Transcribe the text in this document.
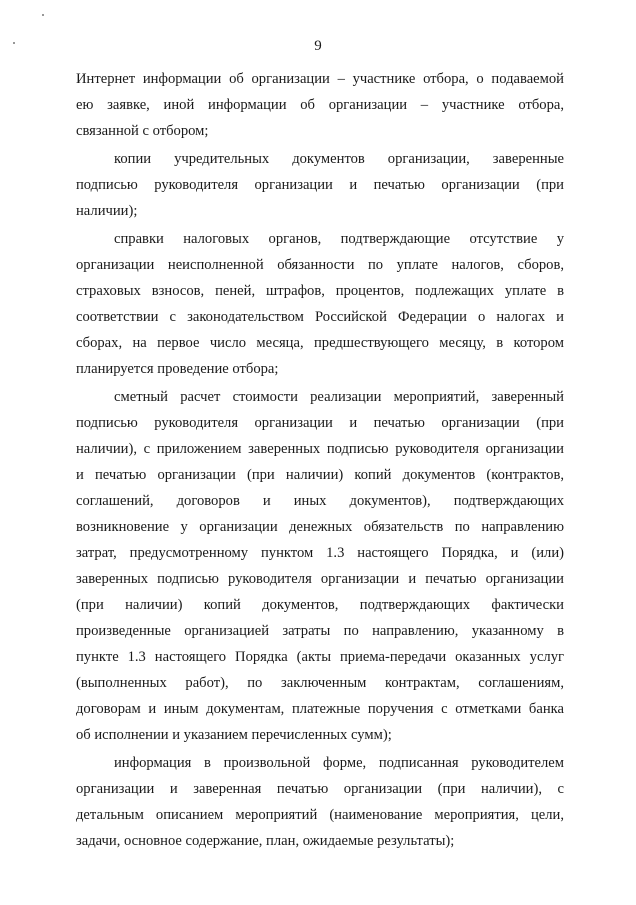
9

Интернет информации об организации – участнике отбора, о подаваемой
ею заявке, иной информации об организации – участнике отбора,
связанной с отбором;

копии учредительных документов организации, заверенные
подписью руководителя организации и печатью организации (при
наличии);

справки налоговых органов, подтверждающие отсутствие у
организации неисполненной обязанности по уплате налогов, сборов,
страховых взносов, пеней, штрафов, процентов, подлежащих уплате в
соответствии с законодательством Российской Федерации о налогах и
сборах, на первое число месяца, предшествующего месяцу, в котором
планируется проведение отбора;

сметный расчет стоимости реализации мероприятий, заверенный
подписью руководителя организации и печатью организации (при
наличии), с приложением заверенных подписью руководителя организации
и печатью организации (при наличии) копий документов (контрактов,
соглашений, договоров и иных документов), подтверждающих
возникновение у организации денежных обязательств по направлению
затрат, предусмотренному пунктом 1.3 настоящего Порядка, и (или)
заверенных подписью руководителя организации и печатью организации
(при наличии) копий документов, подтверждающих фактически
произведенные организацией затраты по направлению, указанному в
пункте 1.3 настоящего Порядка (акты приема-передачи оказанных услуг
(выполненных работ), по заключенным контрактам, соглашениям,
договорам и иным документам, платежные поручения с отметками банка
об исполнении и указанием перечисленных сумм);

информация в произвольной форме, подписанная руководителем
организации и заверенная печатью организации (при наличии), с
детальным описанием мероприятий (наименование мероприятия, цели,
задачи, основное содержание, план, ожидаемые результаты);
